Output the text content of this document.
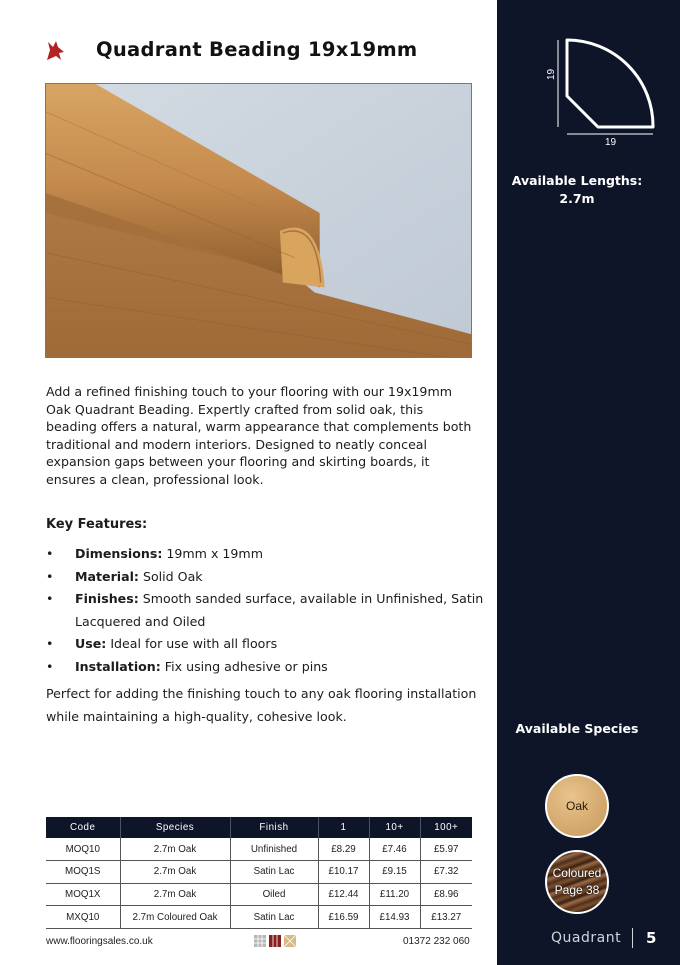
Quadrant Beading 19x19mm

Add a refined finishing touch to your flooring with our 19x19mm Oak Quadrant Beading. Expertly crafted from solid oak, this beading offers a natural, warm appearance that complements both traditional and modern interiors. Designed to neatly conceal expansion gaps between your flooring and skirting boards, it ensures a clean, professional look.

Key Features:
• Dimensions: 19mm x 19mm
• Material: Solid Oak
• Finishes: Smooth sanded surface, available in Unfinished, Satin Lacquered and Oiled
• Use: Ideal for use with all floors
• Installation: Fix using adhesive or pins

Perfect for adding the finishing touch to any oak flooring installation while maintaining a high-quality, cohesive look.

Code	Species	Finish	1	10+	100+
MOQ10	2.7m Oak	Unfinished	£8.29	£7.46	£5.97
MOQ1S	2.7m Oak	Satin Lac	£10.17	£9.15	£7.32
MOQ1X	2.7m Oak	Oiled	£12.44	£11.20	£8.96
MXQ10	2.7m Coloured Oak	Satin Lac	£16.59	£14.93	£13.27
www.flooringsales.co.uk	01372 232 060
19
19
Available Lengths:
2.7m
Available Species
Oak
Coloured Page 38
Quadrant 5
